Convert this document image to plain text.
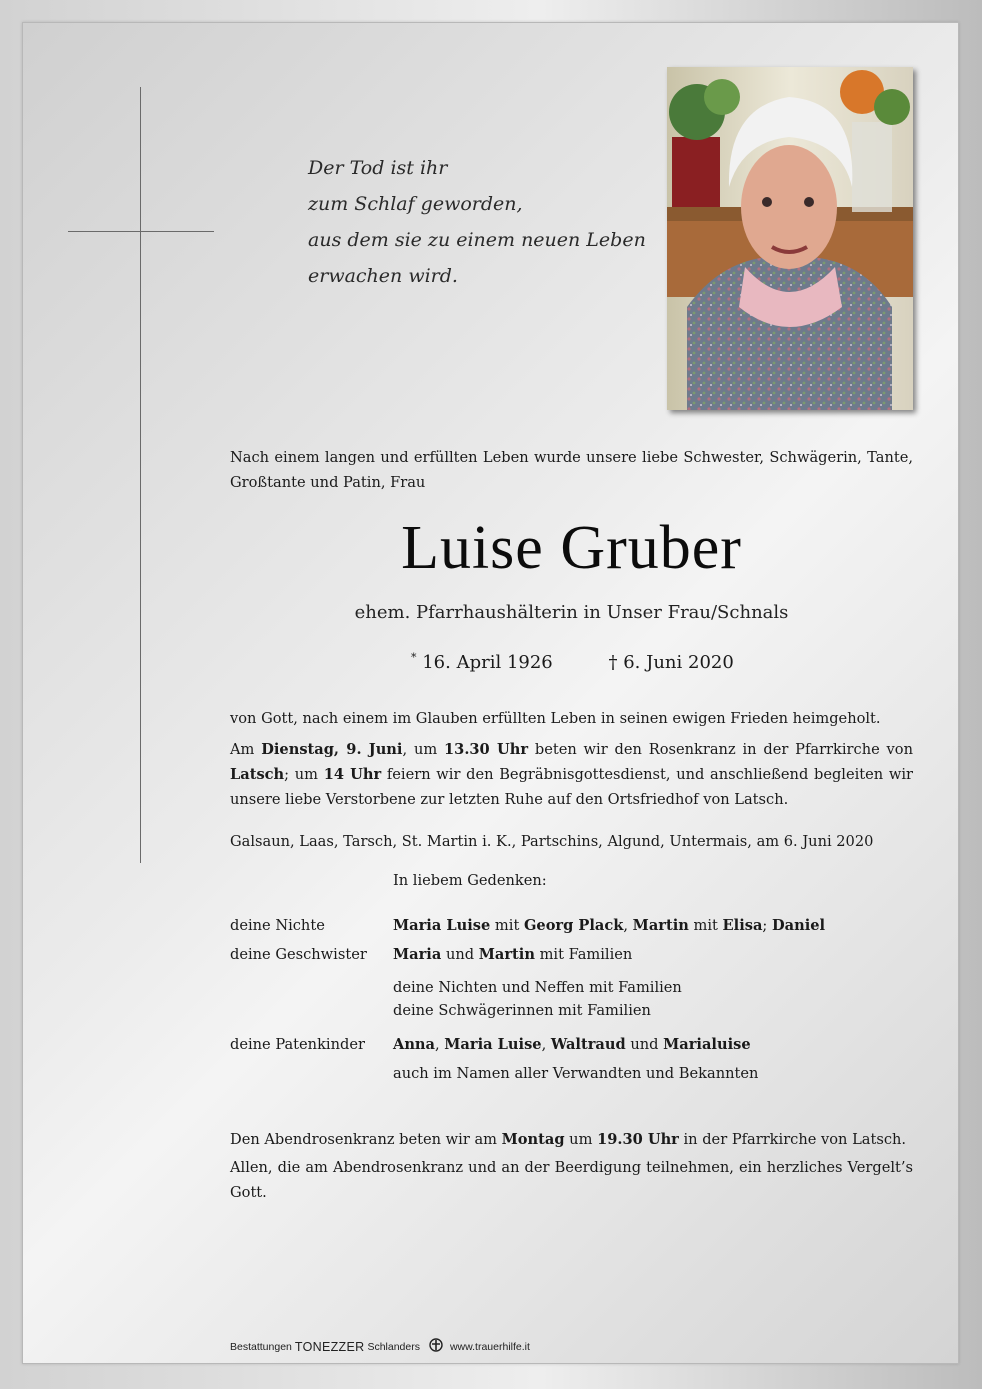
Der Tod ist ihr
zum Schlaf geworden,
aus dem sie zu einem neuen Leben
erwachen wird.
Nach einem langen und erfüllten Leben wurde unsere liebe Schwester, Schwägerin, Tante, Großtante und Patin, Frau
Luise Gruber
ehem. Pfarrhaushälterin in Unser Frau/Schnals
* 16. April 1926	† 6. Juni 2020
von Gott, nach einem im Glauben erfüllten Leben in seinen ewigen Frieden heimgeholt.
Am Dienstag, 9. Juni, um 13.30 Uhr beten wir den Rosenkranz in der Pfarrkirche von Latsch; um 14 Uhr feiern wir den Begräbnisgottesdienst, und anschließend begleiten wir unsere liebe Verstorbene zur letzten Ruhe auf den Ortsfriedhof von Latsch.
Galsaun, Laas, Tarsch, St. Martin i. K., Partschins, Algund, Untermais, am 6. Juni 2020
In liebem Gedenken:
deine Nichte	Maria Luise mit Georg Plack, Martin mit Elisa; Daniel
deine Geschwister	Maria und Martin mit Familien
deine Nichten und Neffen mit Familien
deine Schwägerinnen mit Familien
deine Patenkinder	Anna, Maria Luise, Waltraud und Marialuise
auch im Namen aller Verwandten und Bekannten

Den Abendrosenkranz beten wir am Montag um 19.30 Uhr in der Pfarrkirche von Latsch.

Allen, die am Abendrosenkranz und an der Beerdigung teilnehmen, ein herzliches Vergelt’s Gott.

Bestattungen TONEZZER Schlanders	www.trauerhilfe.it
